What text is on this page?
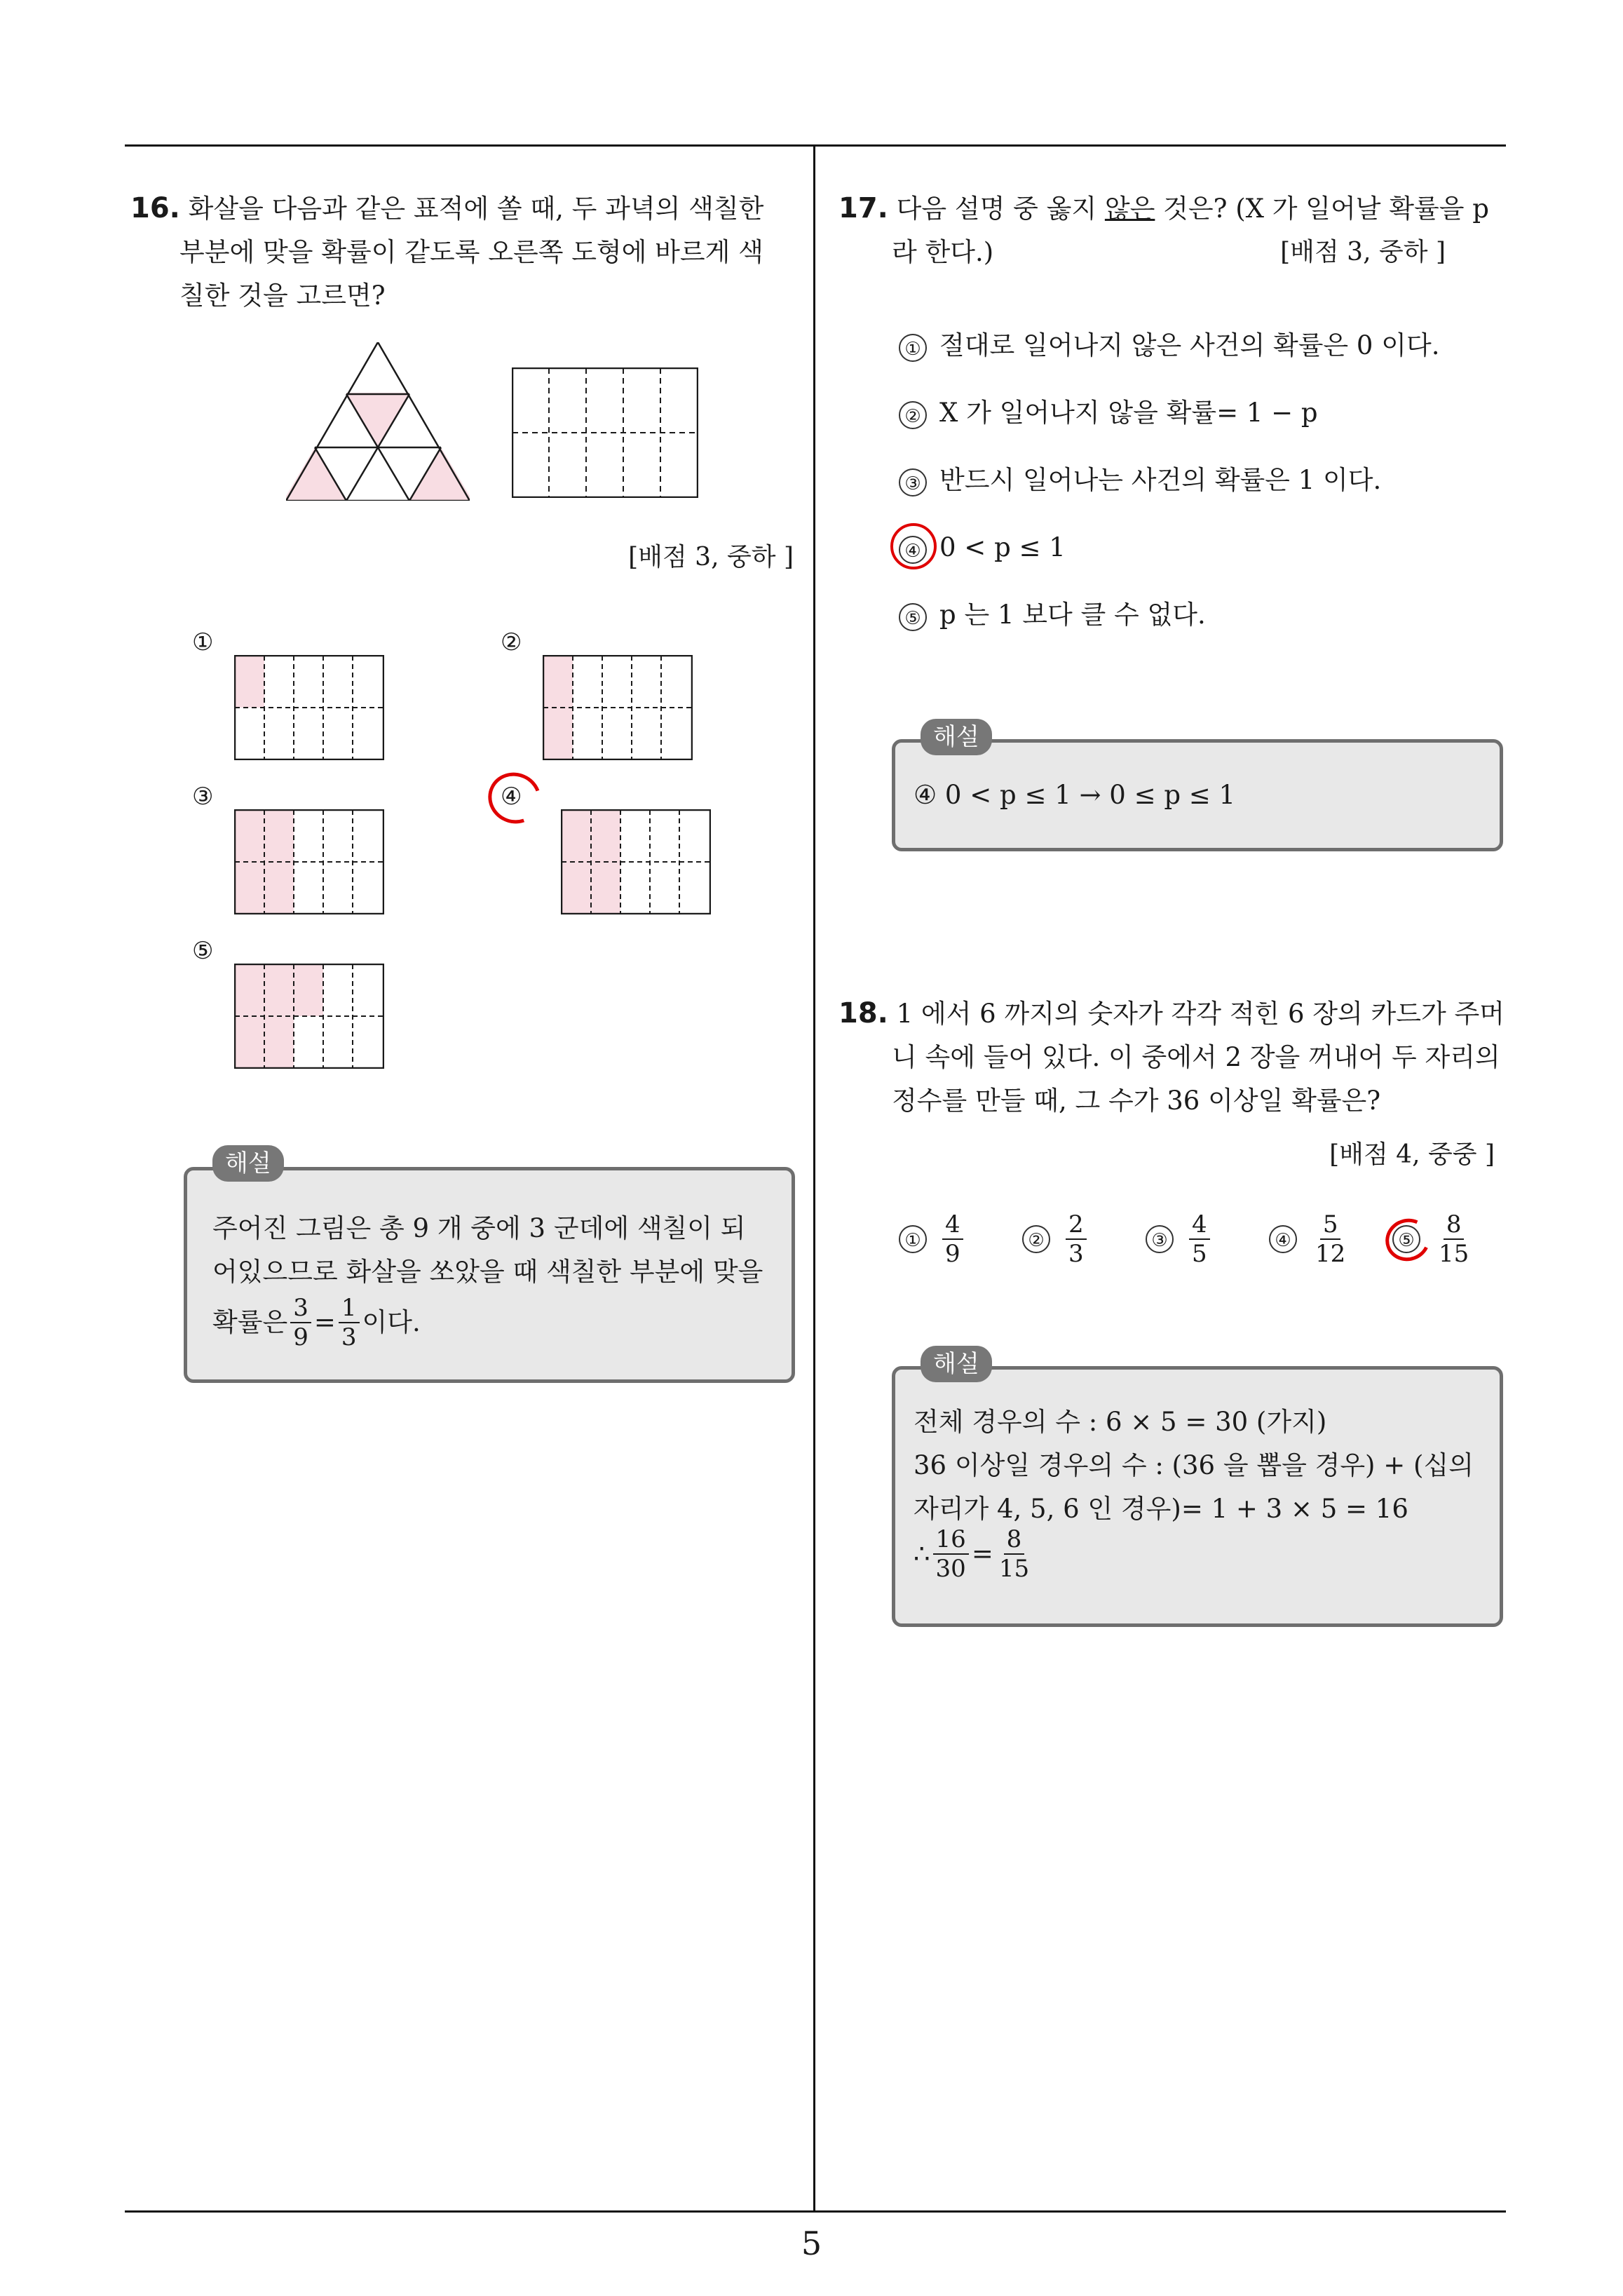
5
16. 화살을 다음과 같은 표적에 쏠 때, 두 과녁의 색칠한
부분에 맞을 확률이 같도록 오른쪽 도형에 바르게 색
칠한 것을 고르면?
[배점 3, 중하 ]
①	②
③	④
⑤
해설
주어진 그림은 총 9 개 중에 3 군데에 색칠이 되
어있으므로 화살을 쏘았을 때 색칠한 부분에 맞을
확률은 $\frac{3}{9} = \frac{1}{3}$ 이다.
17. 다음 설명 중 옳지 않은 것은? (X 가 일어날 확률을 p
라 한다.)	[배점 3, 중하 ]
① 절대로 일어나지 않은 사건의 확률은 0 이다.
② X 가 일어나지 않을 확률= 1 − p
③ 반드시 일어나는 사건의 확률은 1 이다.
④ 0 < p ≤ 1
⑤ p 는 1 보다 클 수 없다.
해설
④ 0 < p ≤ 1 → 0 ≤ p ≤ 1
18. 1 에서 6 까지의 숫자가 각각 적힌 6 장의 카드가 주머
니 속에 들어 있다. 이 중에서 2 장을 꺼내어 두 자리의
정수를 만들 때, 그 수가 36 이상일 확률은?
[배점 4, 중중 ]
① $\frac{4}{9}$	② $\frac{2}{3}$	③ $\frac{4}{5}$	④ $\frac{5}{12}$	⑤ $\frac{8}{15}$
해설
전체 경우의 수 : 6 × 5 = 30 (가지)
36 이상일 경우의 수 : (36 을 뽑을 경우) + (십의
자리가 4, 5, 6 인 경우)= 1 + 3 × 5 = 16
∴ $\frac{16}{30} = \frac{8}{15}$
